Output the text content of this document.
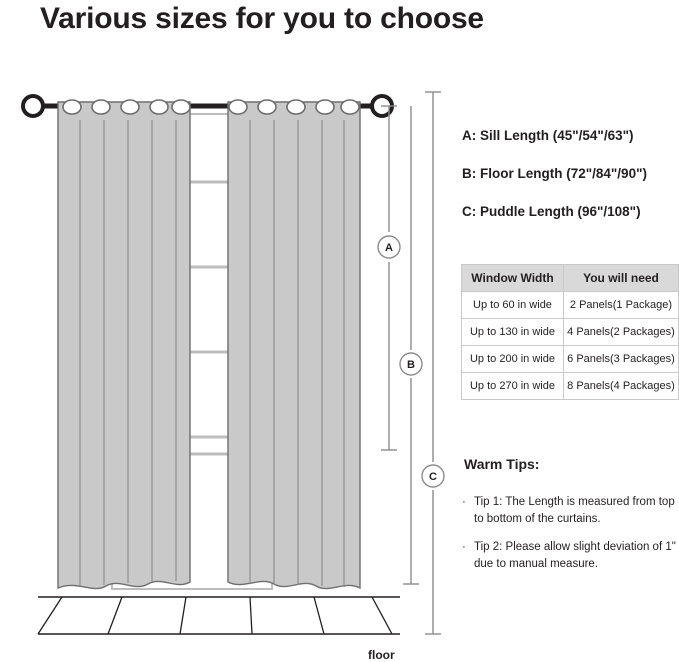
Various sizes for you to choose
A
B
C
floor
A: Sill Length (45"/54"/63")
B: Floor Length (72"/84"/90")
C: Puddle Length (96"/108")
Window Width	You will need
Up to 60 in wide	2 Panels(1 Package)
Up to 130 in wide	4 Panels(2 Packages)
Up to 200 in wide	6 Panels(3 Packages)
Up to 270 in wide	8 Panels(4 Packages)
Warm Tips:
· Tip 1: The Length is measured from top to bottom of the curtains.
· Tip 2: Please allow slight deviation of 1" due to manual measure.
